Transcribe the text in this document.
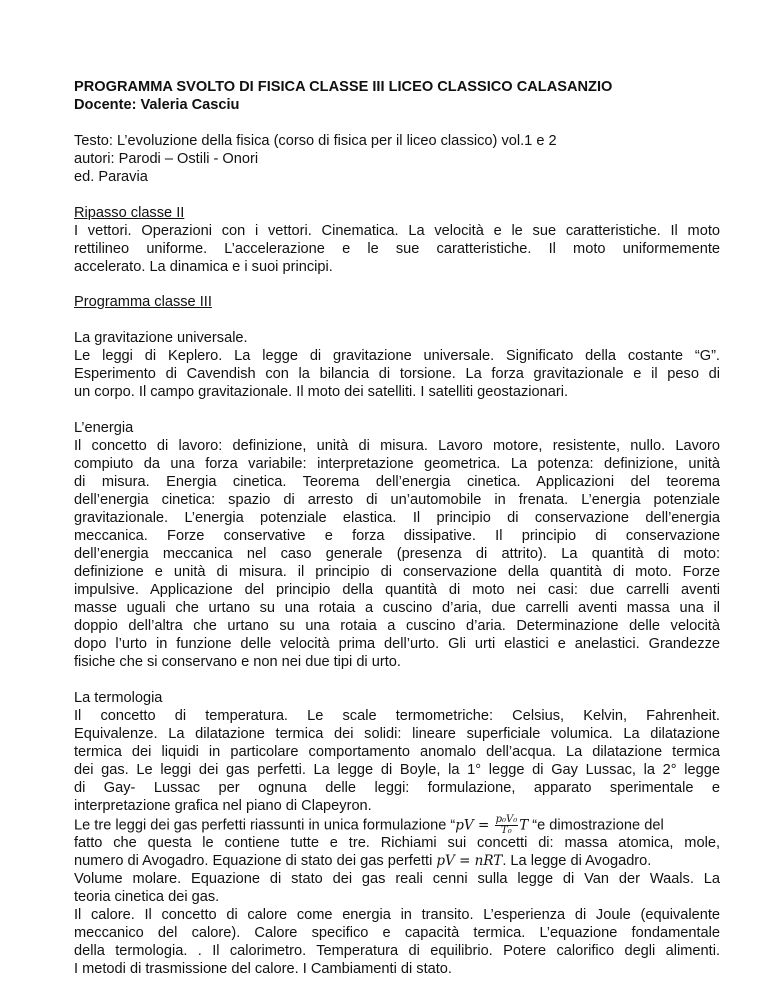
PROGRAMMA SVOLTO DI FISICA CLASSE III LICEO CLASSICO CALASANZIO
Docente: Valeria Casciu
Testo: L’evoluzione della fisica (corso di fisica per il liceo classico) vol.1 e 2
autori: Parodi – Ostili - Onori
ed. Paravia
Ripasso classe II
I vettori. Operazioni con i vettori. Cinematica. La velocità e le sue caratteristiche. Il moto
rettilineo uniforme. L’accelerazione e le sue caratteristiche. Il moto uniformemente
accelerato. La dinamica e i suoi principi.
Programma classe III
La gravitazione universale.
Le leggi di Keplero. La legge di gravitazione universale. Significato della costante “G”.
Esperimento di Cavendish con la bilancia di torsione. La forza gravitazionale e il peso di
un corpo. Il campo gravitazionale. Il moto dei satelliti. I satelliti geostazionari.
L’energia
Il concetto di lavoro: definizione, unità di misura. Lavoro motore, resistente, nullo. Lavoro
compiuto da una forza variabile: interpretazione geometrica. La potenza: definizione, unità
di misura. Energia cinetica. Teorema dell’energia cinetica. Applicazioni del teorema
dell’energia cinetica: spazio di arresto di un’automobile in frenata. L’energia potenziale
gravitazionale. L’energia potenziale elastica. Il principio di conservazione dell’energia
meccanica. Forze conservative e forza dissipative. Il principio di conservazione
dell’energia meccanica nel caso generale (presenza di attrito). La quantità di moto:
definizione e unità di misura. il principio di conservazione della quantità di moto. Forze
impulsive. Applicazione del principio della quantità di moto nei casi: due carrelli aventi
masse uguali che urtano su una rotaia a cuscino d’aria, due carrelli aventi massa una il
doppio dell’altra che urtano su una rotaia a cuscino d’aria. Determinazione delle velocità
dopo l’urto in funzione delle velocità prima dell’urto. Gli urti elastici e anelastici. Grandezze
fisiche che si conservano e non nei due tipi di urto.
La termologia
Il concetto di temperatura. Le scale termometriche: Celsius, Kelvin, Fahrenheit.
Equivalenze. La dilatazione termica dei solidi: lineare superficiale volumica. La dilatazione
termica dei liquidi in particolare comportamento anomalo dell’acqua. La dilatazione termica
dei gas. Le leggi dei gas perfetti. La legge di Boyle, la 1° legge di Gay Lussac, la 2° legge
di Gay- Lussac per ognuna delle leggi: formulazione, apparato sperimentale e
interpretazione grafica nel piano di Clapeyron.
Le tre leggi dei gas perfetti riassunti in unica formulazione “pV = $\frac{\text{p₀V₀}}{\text{T₀}}$ T “e dimostrazione del
fatto che questa le contiene tutte e tre. Richiami sui concetti di: massa atomica, mole,
numero di Avogadro. Equazione di stato dei gas perfetti pV = nRT. La legge di Avogadro.
Volume molare. Equazione di stato dei gas reali cenni sulla legge di Van der Waals. La
teoria cinetica dei gas.
Il calore. Il concetto di calore come energia in transito. L’esperienza di Joule (equivalente
meccanico del calore). Calore specifico e capacità termica. L’equazione fondamentale
della termologia. . Il calorimetro. Temperatura di equilibrio. Potere calorifico degli alimenti.
I metodi di trasmissione del calore. I Cambiamenti di stato.
